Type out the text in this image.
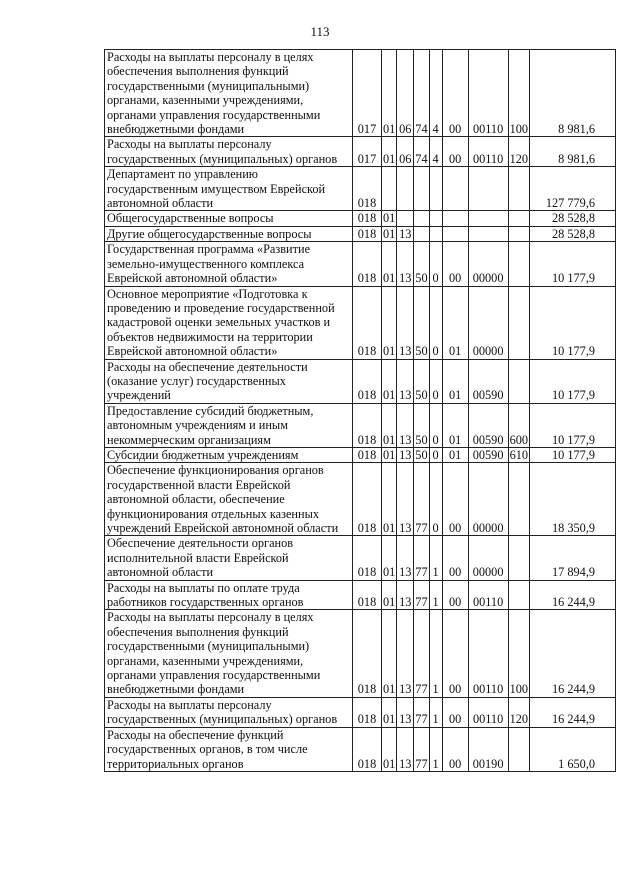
113
Расходы на выплаты персоналу в целях обеспечения выполнения функций государственными (муниципальными) органами, казенными учреждениями, органами управления государственными внебюджетными фондами	017	01	06	74	4	00	00110	100	8 981,6
Расходы на выплаты персоналу государственных (муниципальных) органов	017	01	06	74	4	00	00110	120	8 981,6
Департамент по управлению государственным имуществом Еврейской автономной области	018								127 779,6
Общегосударственные вопросы	018	01							28 528,8
Другие общегосударственные вопросы	018	01	13						28 528,8
Государственная программа «Развитие земельно-имущественного комплекса Еврейской автономной области»	018	01	13	50	0	00	00000		10 177,9
Основное мероприятие «Подготовка к проведению и проведение государственной кадастровой оценки земельных участков и объектов недвижимости на территории Еврейской автономной области»	018	01	13	50	0	01	00000		10 177,9
Расходы на обеспечение деятельности (оказание услуг) государственных учреждений	018	01	13	50	0	01	00590		10 177,9
Предоставление субсидий бюджетным, автономным учреждениям и иным некоммерческим организациям	018	01	13	50	0	01	00590	600	10 177,9
Субсидии бюджетным учреждениям	018	01	13	50	0	01	00590	610	10 177,9
Обеспечение функционирования органов государственной власти Еврейской автономной области, обеспечение функционирования отдельных казенных учреждений Еврейской автономной области	018	01	13	77	0	00	00000		18 350,9
Обеспечение деятельности органов исполнительной власти Еврейской автономной области	018	01	13	77	1	00	00000		17 894,9
Расходы на выплаты по оплате труда работников государственных органов	018	01	13	77	1	00	00110		16 244,9
Расходы на выплаты персоналу в целях обеспечения выполнения функций государственными (муниципальными) органами, казенными учреждениями, органами управления государственными внебюджетными фондами	018	01	13	77	1	00	00110	100	16 244,9
Расходы на выплаты персоналу государственных (муниципальных) органов	018	01	13	77	1	00	00110	120	16 244,9
Расходы на обеспечение функций государственных органов, в том числе территориальных органов	018	01	13	77	1	00	00190		1 650,0
